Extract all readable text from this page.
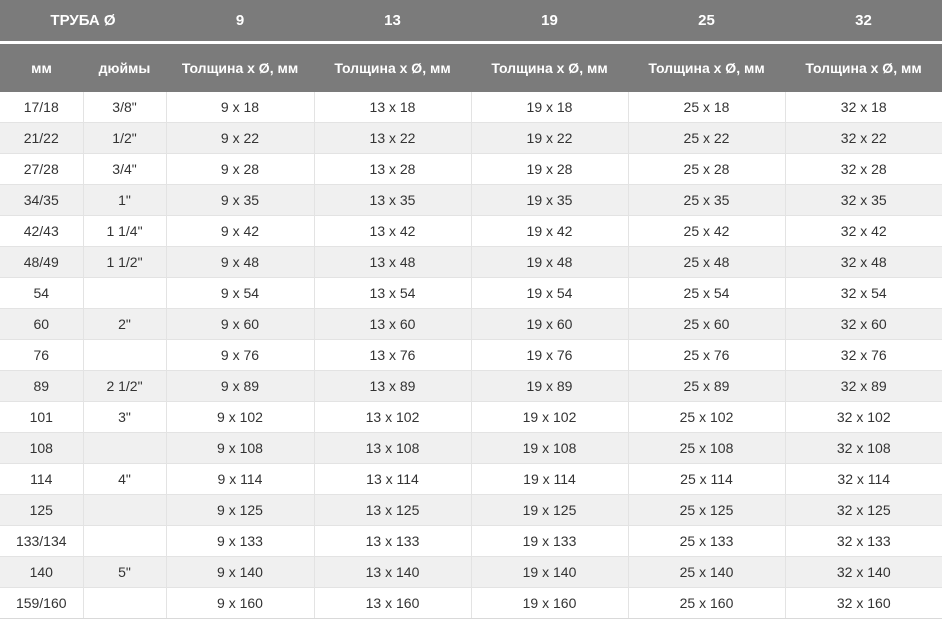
ТРУБА Ø		9	13	19	25	32
мм	дюймы	Толщина х Ø, мм	Толщина х Ø, мм	Толщина х Ø, мм	Толщина х Ø, мм	Толщина х Ø, мм
17/18	3/8"	9 x 18	13 x 18	19 x 18	25 x 18	32 x 18
21/22	1/2"	9 x 22	13 x 22	19 x 22	25 x 22	32 x 22
27/28	3/4"	9 x 28	13 x 28	19 x 28	25 x 28	32 x 28
34/35	1"	9 x 35	13 x 35	19 x 35	25 x 35	32 x 35
42/43	1 1/4"	9 x 42	13 x 42	19 x 42	25 x 42	32 x 42
48/49	1 1/2"	9 x 48	13 x 48	19 x 48	25 x 48	32 x 48
54		9 x 54	13 x 54	19 x 54	25 x 54	32 x 54
60	2"	9 x 60	13 x 60	19 x 60	25 x 60	32 x 60
76		9 x 76	13 x 76	19 x 76	25 x 76	32 x 76
89	2 1/2"	9 x 89	13 x 89	19 x 89	25 x 89	32 x 89
101	3"	9 x 102	13 x 102	19 x 102	25 x 102	32 x 102
108		9 x 108	13 x 108	19 x 108	25 x 108	32 x 108
114	4"	9 x 114	13 x 114	19 x 114	25 x 114	32 x 114
125		9 x 125	13 x 125	19 x 125	25 x 125	32 x 125
133/134		9 x 133	13 x 133	19 x 133	25 x 133	32 x 133
140	5"	9 x 140	13 x 140	19 x 140	25 x 140	32 x 140
159/160		9 x 160	13 x 160	19 x 160	25 x 160	32 x 160
